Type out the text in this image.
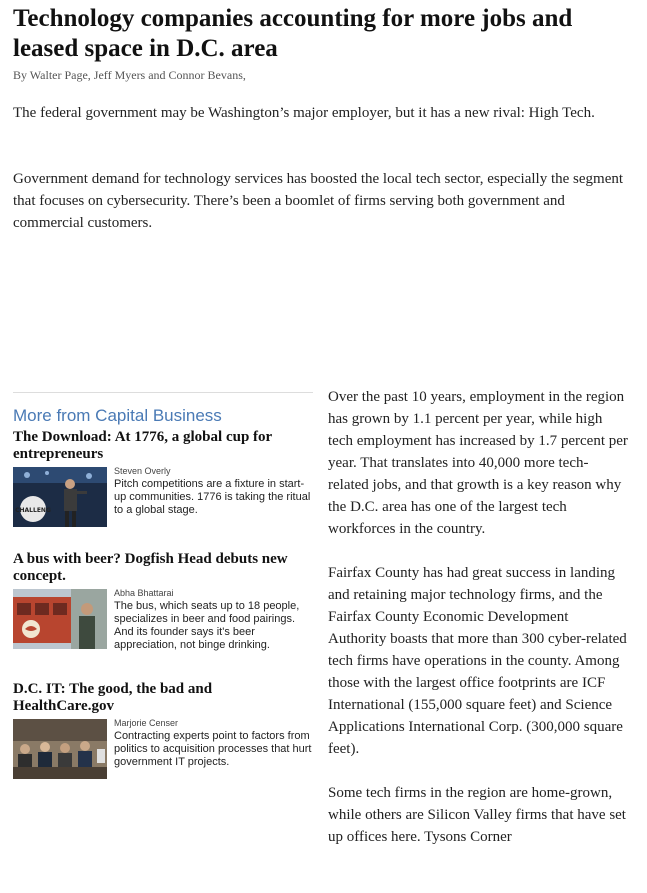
Technology companies accounting for more jobs and leased space in D.C. area

By Walter Page, Jeff Myers and Connor Bevans,

The federal government may be Washington’s major employer, but it has a new rival: High Tech.

Government demand for technology services has boosted the local tech sector, especially the segment that focuses on cybersecurity. There’s been a boomlet of firms serving both government and commercial customers.

More from Capital Business
The Download: At 1776, a global cup for entrepreneurs
CHALLENG
Steven Overly
Pitch competitions are a fixture in start-up communities. 1776 is taking the ritual to a global stage.
A bus with beer? Dogfish Head debuts new concept.
Abha Bhattarai
The bus, which seats up to 18 people, specializes in beer and food pairings. And its founder says it's beer appreciation, not binge drinking.
D.C. IT: The good, the bad and HealthCare.gov
Marjorie Censer
Contracting experts point to factors from politics to acquisition processes that hurt government IT projects.

Over the past 10 years, employment in the region has grown by 1.1 percent per year, while high tech employment has increased by 1.7 percent per year. That translates into 40,000 more tech-related jobs, and that growth is a key reason why the D.C. area has one of the largest tech workforces in the country.

Fairfax County has had great success in landing and retaining major technology firms, and the Fairfax County Economic Development Authority boasts that more than 300 cyber-related tech firms have operations in the county. Among those with the largest office footprints are ICF International (155,000 square feet) and Science Applications International Corp. (300,000 square feet).

Some tech firms in the region are home-grown, while others are Silicon Valley firms that have set up offices here. Tysons Corner
